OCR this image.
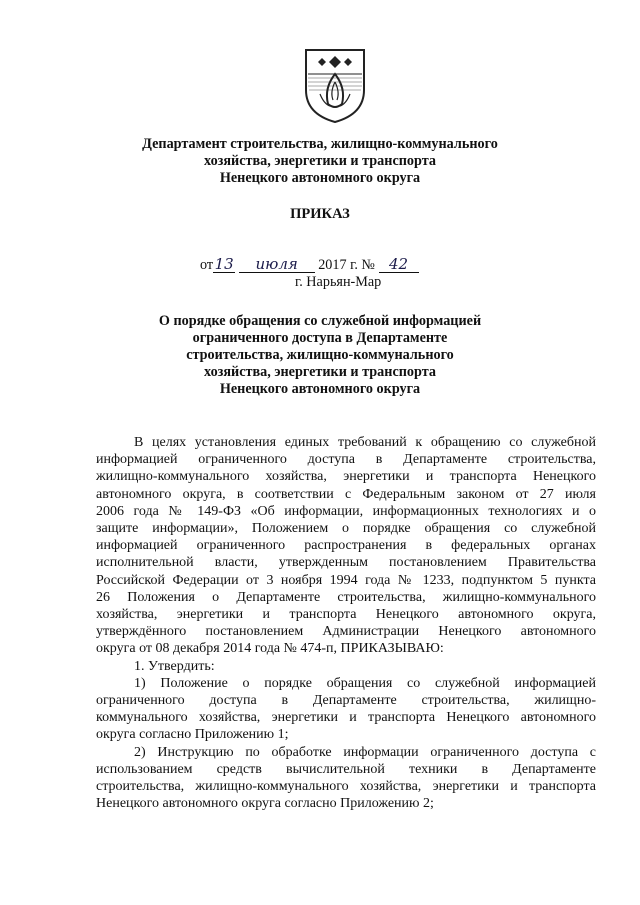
Департамент строительства, жилищно-коммунального
хозяйства, энергетики и транспорта
Ненецкого автономного округа
ПРИКАЗ
от13 июля 2017 г. № 42
г. Нарьян-Мар
О порядке обращения со служебной информацией
ограниченного доступа в Департаменте
строительства, жилищно-коммунального
хозяйства, энергетики и транспорта
Ненецкого автономного округа
В целях установления единых требований к обращению со служебной
информацией ограниченного доступа в Департаменте строительства,
жилищно-коммунального хозяйства, энергетики и транспорта Ненецкого
автономного округа, в соответствии с Федеральным законом от 27 июля
2006 года № 149-ФЗ «Об информации, информационных технологиях и о
защите информации», Положением о порядке обращения со служебной
информацией ограниченного распространения в федеральных органах
исполнительной власти, утвержденным постановлением Правительства
Российской Федерации от 3 ноября 1994 года № 1233, подпунктом 5 пункта
26 Положения о Департаменте строительства, жилищно-коммунального
хозяйства, энергетики и транспорта Ненецкого автономного округа,
утверждённого постановлением Администрации Ненецкого автономного
округа от 08 декабря 2014 года № 474-п, ПРИКАЗЫВАЮ:
1. Утвердить:
1) Положение о порядке обращения со служебной информацией
ограниченного доступа в Департаменте строительства, жилищно-
коммунального хозяйства, энергетики и транспорта Ненецкого автономного
округа согласно Приложению 1;
2) Инструкцию по обработке информации ограниченного доступа с
использованием средств вычислительной техники в Департаменте
строительства, жилищно-коммунального хозяйства, энергетики и транспорта
Ненецкого автономного округа согласно Приложению 2;
